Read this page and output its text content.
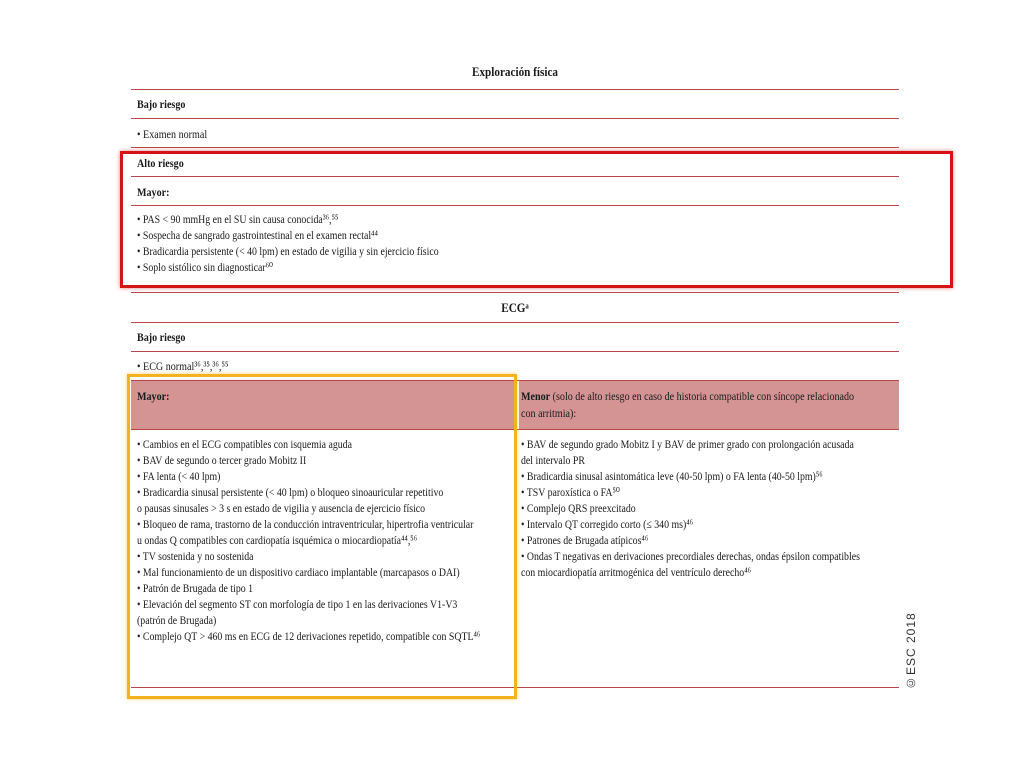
Exploración física
Bajo riesgo
• Examen normal
Alto riesgo
Mayor:
• PAS < 90 mmHg en el SU sin causa conocida³⁶,⁵⁵
• Sospecha de sangrado gastrointestinal en el examen rectal⁴⁴
• Bradicardia persistente (< 40 lpm) en estado de vigilia y sin ejercicio físico
• Soplo sistólico sin diagnosticar⁶⁰
ECGᵃ
Bajo riesgo
• ECG normal³⁶,³⁵,³⁶,⁵⁵
Mayor:	Menor (solo de alto riesgo en caso de historia compatible con síncope relacionado
con arritmia):
• Cambios en el ECG compatibles con isquemia aguda
• BAV de segundo o tercer grado Mobitz II
• FA lenta (< 40 lpm)
• Bradicardia sinusal persistente (< 40 lpm) o bloqueo sinoauricular repetitivo
o pausas sinusales > 3 s en estado de vigilia y ausencia de ejercicio físico
• Bloqueo de rama, trastorno de la conducción intraventricular, hipertrofia ventricular
u ondas Q compatibles con cardiopatía isquémica o miocardiopatía⁴⁴,⁵⁶
• TV sostenida y no sostenida
• Mal funcionamiento de un dispositivo cardiaco implantable (marcapasos o DAI)
• Patrón de Brugada de tipo 1
• Elevación del segmento ST con morfología de tipo 1 en las derivaciones V1-V3
(patrón de Brugada)
• Complejo QT > 460 ms en ECG de 12 derivaciones repetido, compatible con SQTL⁴⁶
• BAV de segundo grado Mobitz I y BAV de primer grado con prolongación acusada
del intervalo PR
• Bradicardia sinusal asintomática leve (40-50 lpm) o FA lenta (40-50 lpm)⁵⁶
• TSV paroxística o FA⁵⁰
• Complejo QRS preexcitado
• Intervalo QT corregido corto (≤ 340 ms)⁴⁶
• Patrones de Brugada atípicos⁴⁶
• Ondas T negativas en derivaciones precordiales derechas, ondas épsilon compatibles
con miocardiopatía arritmogénica del ventrículo derecho⁴⁶
©ESC 2018
